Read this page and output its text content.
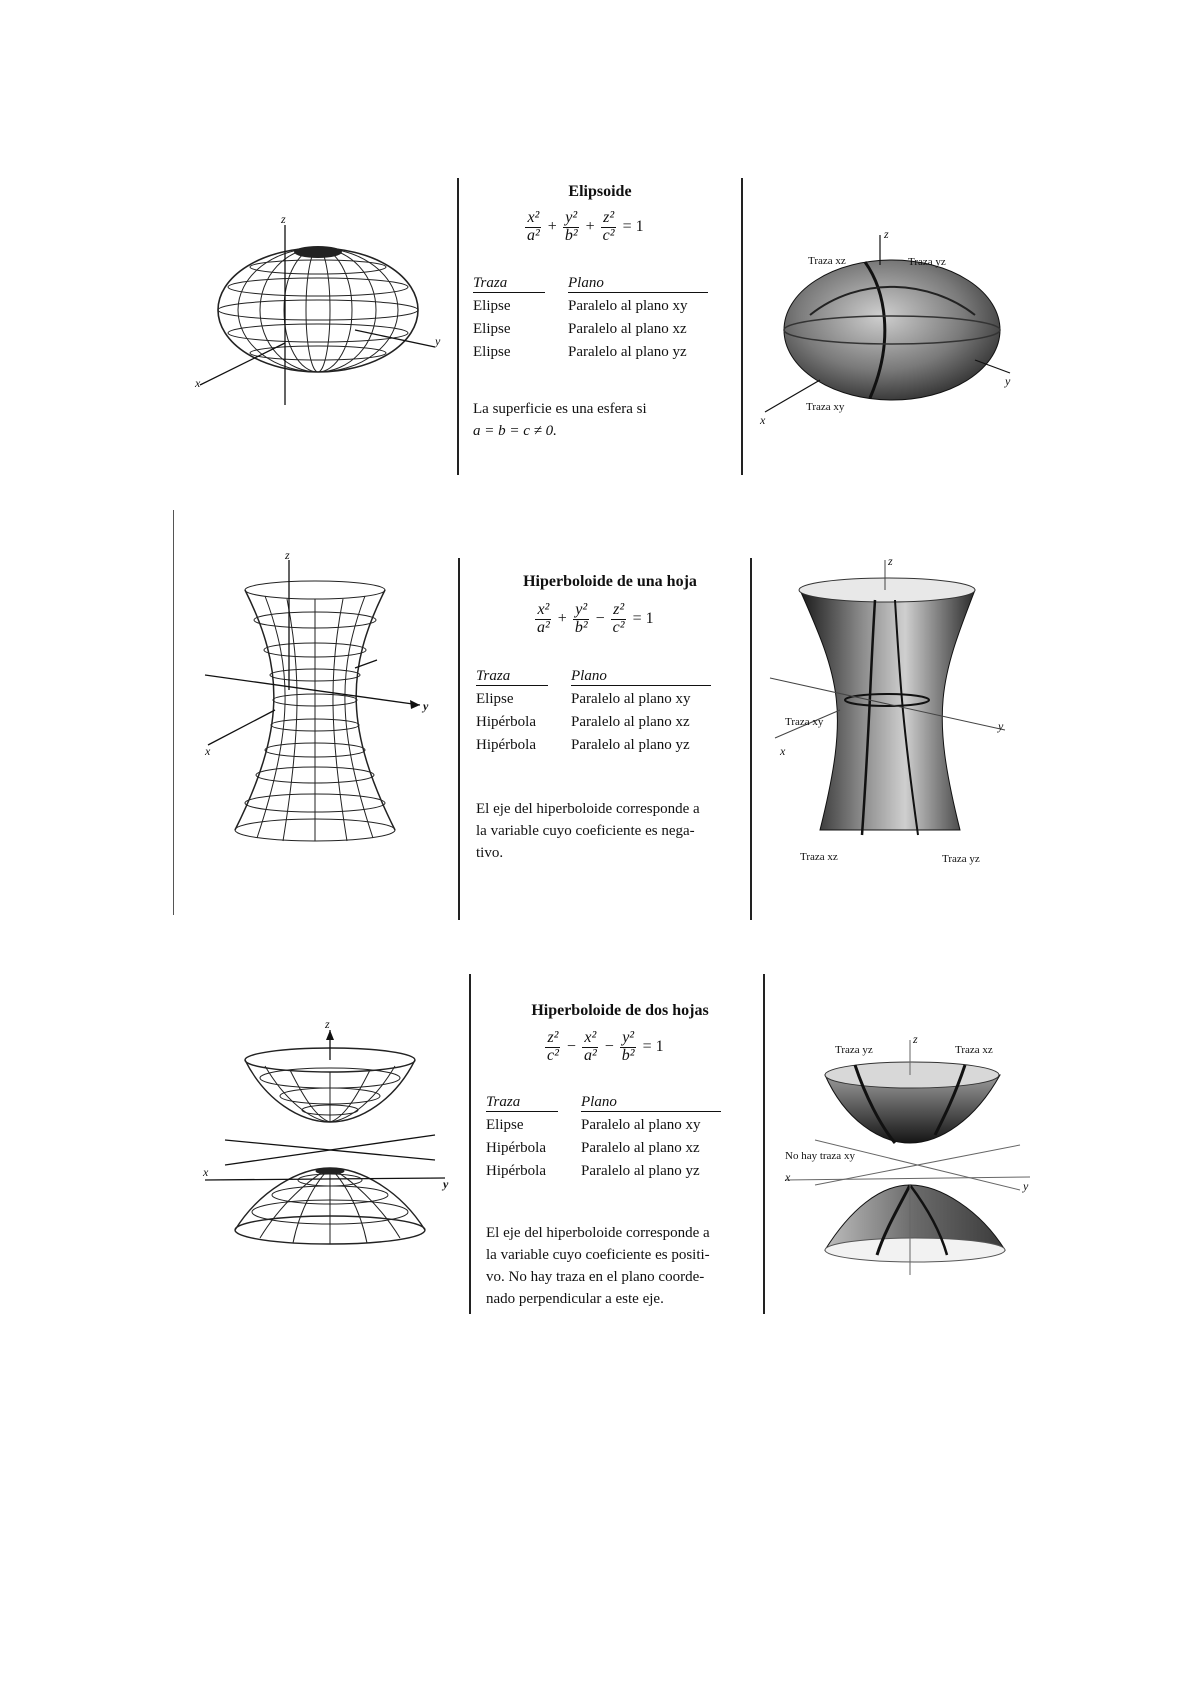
z
x
y
Elipsoide
$\frac{\text{x²}}{\text{a²}} + \frac{\text{y²}}{\text{b²}} + \frac{\text{z²}}{\text{c²}} = 1$
Traza	Plano
Elipse	Paralelo al plano xy
Elipse	Paralelo al plano xz
Elipse	Paralelo al plano yz
La superficie es una esfera si
a = b = c ≠ 0.
Traza xz	Traza yz
Traza xy
z
x
y
z
x
y
Hiperboloide de una hoja
$\frac{\text{x²}}{\text{a²}} + \frac{\text{y²}}{\text{b²}} - \frac{\text{z²}}{\text{c²}} = 1$
Traza	Plano
Elipse	Paralelo al plano xy
Hipérbola	Paralelo al plano xz
Hipérbola	Paralelo al plano yz
El eje del hiperboloide corresponde a
la variable cuyo coeficiente es nega-
tivo.
Traza xy
Traza xz	Traza yz
z
x
y
z
x
y
Hiperboloide de dos hojas
$\frac{\text{z²}}{\text{c²}} - \frac{\text{x²}}{\text{a²}} - \frac{\text{y²}}{\text{b²}} = 1$
Traza	Plano
Elipse	Paralelo al plano xy
Hipérbola	Paralelo al plano xz
Hipérbola	Paralelo al plano yz
El eje del hiperboloide corresponde a
la variable cuyo coeficiente es positi-
vo. No hay traza en el plano coorde-
nado perpendicular a este eje.
Traza yz	Traza xz
No hay traza xy
z
x
y
